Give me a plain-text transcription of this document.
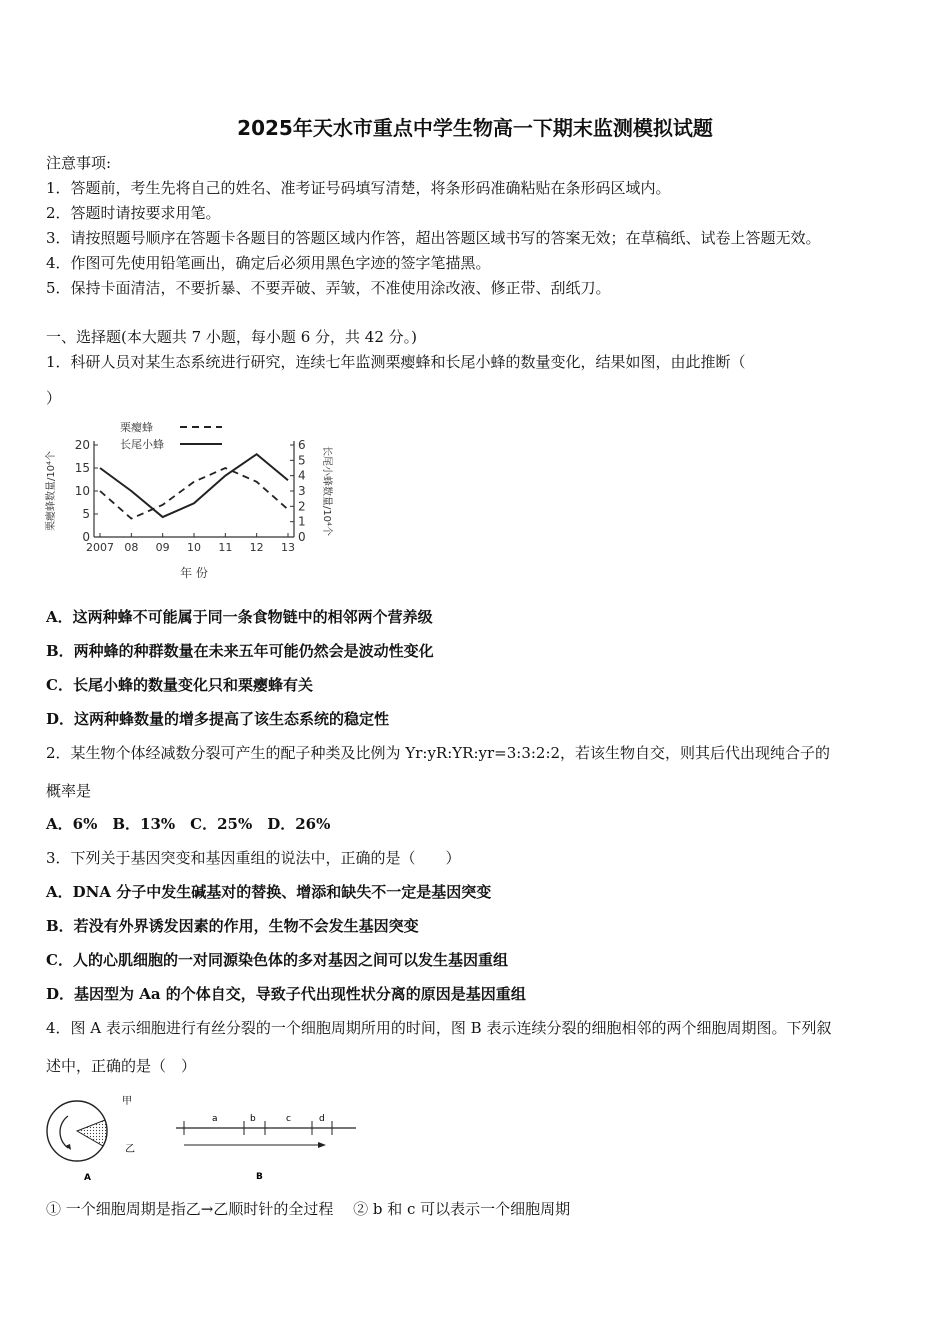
2025年天水市重点中学生物高一下期末监测模拟试题
注意事项:
1．答题前，考生先将自己的姓名、准考证号码填写清楚，将条形码准确粘贴在条形码区域内。
2．答题时请按要求用笔。
3．请按照题号顺序在答题卡各题目的答题区域内作答，超出答题区域书写的答案无效；在草稿纸、试卷上答题无效。
4．作图可先使用铅笔画出，确定后必须用黑色字迹的签字笔描黑。
5．保持卡面清洁，不要折暴、不要弄破、弄皱，不准使用涂改液、修正带、刮纸刀。
一、选择题(本大题共 7 小题，每小题 6 分，共 42 分。)
1．科研人员对某生态系统进行研究，连续七年监测栗瘿蜂和长尾小蜂的数量变化，结果如图，由此推断（
）
0
5
10
15
20
0
1
2
3
4
5
6
2007 08 09 10 11 12 13
年 份
栗瘿蜂数量/10⁴个	长尾小蜂数量/10⁴个
栗瘿蜂
长尾小蜂
A．这两种蜂不可能属于同一条食物链中的相邻两个营养级
B．两种蜂的种群数量在未来五年可能仍然会是波动性变化
C．长尾小蜂的数量变化只和栗瘿蜂有关
D．这两种蜂数量的增多提高了该生态系统的稳定性
2．某生物个体经减数分裂可产生的配子种类及比例为 Yr:yR:YR:yr=3:3:2:2，若该生物自交，则其后代出现纯合子的
概率是
A．6%　B．13%　C．25%　D．26%
3．下列关于基因突变和基因重组的说法中，正确的是（　　）
A．DNA 分子中发生碱基对的替换、增添和缺失不一定是基因突变
B．若没有外界诱发因素的作用，生物不会发生基因突变
C．人的心肌细胞的一对同源染色体的多对基因之间可以发生基因重组
D．基因型为 Aa 的个体自交，导致子代出现性状分离的原因是基因重组
4．图 A 表示细胞进行有丝分裂的一个细胞周期所用的时间，图 B 表示连续分裂的细胞相邻的两个细胞周期图。下列叙
述中，正确的是（　）
甲
乙
A
a	b	c	d
B
① 一个细胞周期是指乙→乙顺时针的全过程　 ② b 和 c 可以表示一个细胞周期
